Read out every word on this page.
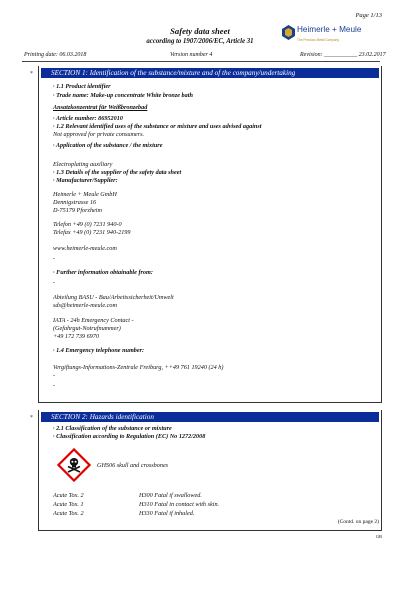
Page 1/13
Safety data sheet
according to 1907/2006/EC, Article 31
Heimerle + Meule
The Precious Metal Company
Printing date: 06.03.2018	Version number 4	Revision: ___________ 23.02.2017
*	SECTION 1: Identification of the substance/mixture and of the company/undertaking
· 1.1 Product identifier
· Trade name: Make-up concentrate White bronze bath
Ansatzkonzentrat für Weißbronzebad
· Article number: 86952010
· 1.2 Relevant identified uses of the substance or mixture and uses advised against
Not approved for private consumers.
· Application of the substance / the mixture
Electroplating auxiliary
· 1.3 Details of the supplier of the safety data sheet
· Manufacturer/Supplier:
Heimerle + Meule GmbH
Dennigstrasse 16
D-75179 Pforzheim
Telefon +49 (0) 7231 940-0
Telefax +49 (0) 7231 940-2199
www.heimerle-meule.com
-
· Further information obtainable from:
-
Abteilung BASU - Bau/Arbeitssicherheit/Umwelt
sds@heimerle-meule.com
IATA - 24h Emergency Contact -
(Gefahrgut-Notrufnummer)
+49 172 739 6970
· 1.4 Emergency telephone number:
Vergiftungs-Informations-Zentrale Freiburg, ++49 761 19240 (24 h)
-
-
*	SECTION 2: Hazards identification
· 2.1 Classification of the substance or mixture
· Classification according to Regulation (EC) No 1272/2008
GHS06 skull and crossbones
Acute Tox. 2	H300 Fatal if swallowed.
Acute Tox. 1	H310 Fatal in contact with skin.
Acute Tox. 2	H330 Fatal if inhaled.
(Contd. on page 2)
GB
